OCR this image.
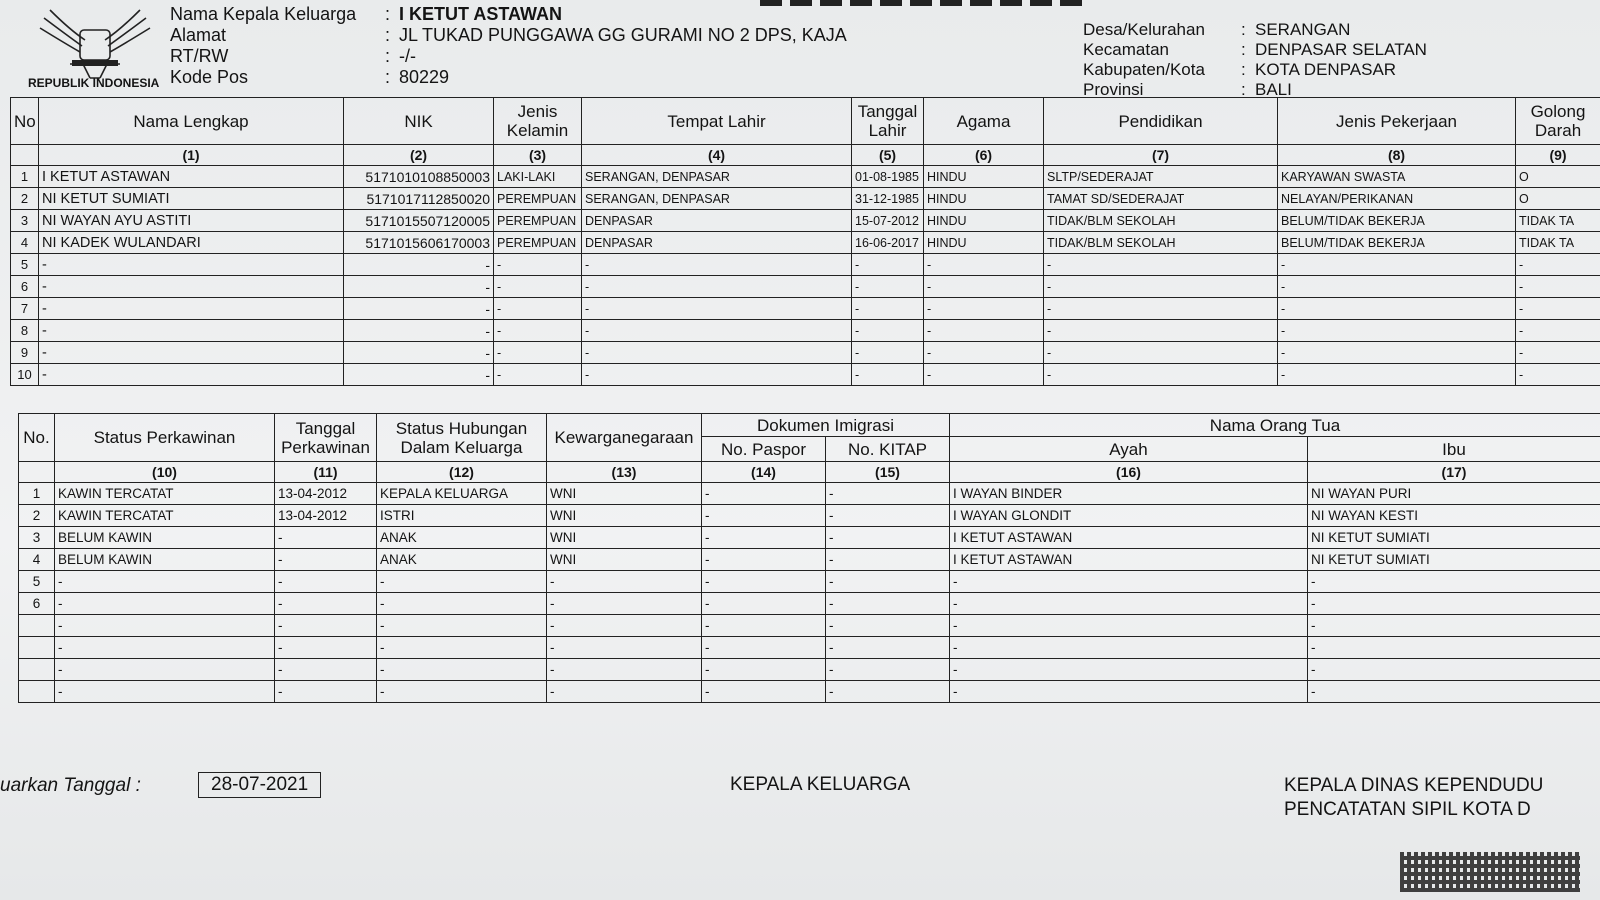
REPUBLIK INDONESIA
Nama Kepala Keluarga	: I KETUT ASTAWAN
Alamat	: JL TUKAD PUNGGAWA GG GURAMI NO 2 DPS, KAJA
RT/RW	: -/-
Kode Pos	: 80229
Desa/Kelurahan	: SERANGAN
Kecamatan	: DENPASAR SELATAN
Kabupaten/Kota	: KOTA DENPASAR
Provinsi	: BALI
No	Nama Lengkap	NIK	Jenis Kelamin	Tempat Lahir	Tanggal Lahir	Agama	Pendidikan	Jenis Pekerjaan	Golong Darah
	(1)	(2)	(3)	(4)	(5)	(6)	(7)	(8)	(9)
1	I KETUT ASTAWAN	5171010108850003	LAKI-LAKI	SERANGAN, DENPASAR	01-08-1985	HINDU	SLTP/SEDERAJAT	KARYAWAN SWASTA	O
2	NI KETUT SUMIATI	5171017112850020	PEREMPUAN	SERANGAN, DENPASAR	31-12-1985	HINDU	TAMAT SD/SEDERAJAT	NELAYAN/PERIKANAN	O
3	NI WAYAN AYU ASTITI	5171015507120005	PEREMPUAN	DENPASAR	15-07-2012	HINDU	TIDAK/BLM SEKOLAH	BELUM/TIDAK BEKERJA	TIDAK TA
4	NI KADEK WULANDARI	5171015606170003	PEREMPUAN	DENPASAR	16-06-2017	HINDU	TIDAK/BLM SEKOLAH	BELUM/TIDAK BEKERJA	TIDAK TA
5	-	-	-	-	-	-	-	-	-
6	-	-	-	-	-	-	-	-	-
7	-	-	-	-	-	-	-	-	-
8	-	-	-	-	-	-	-	-	-
9	-	-	-	-	-	-	-	-	-
10	-	-	-	-	-	-	-	-	-
No.	Status Perkawinan	Tanggal Perkawinan	Status Hubungan Dalam Keluarga	Kewarganegaraan	Dokumen Imigrasi		Nama Orang Tua	
					No. Paspor	No. KITAP	Ayah	Ibu
	(10)	(11)	(12)	(13)	(14)	(15)	(16)	(17)
1	KAWIN TERCATAT	13-04-2012	KEPALA KELUARGA	WNI	-	-	I WAYAN BINDER	NI WAYAN PURI
2	KAWIN TERCATAT	13-04-2012	ISTRI	WNI	-	-	I WAYAN GLONDIT	NI WAYAN KESTI
3	BELUM KAWIN	-	ANAK	WNI	-	-	I KETUT ASTAWAN	NI KETUT SUMIATI
4	BELUM KAWIN	-	ANAK	WNI	-	-	I KETUT ASTAWAN	NI KETUT SUMIATI
5	-	-	-	-	-	-	-	-
6	-	-	-	-	-	-	-	-
	-	-	-	-	-	-	-	-
	-	-	-	-	-	-	-	-
	-	-	-	-	-	-	-	-
	-	-	-	-	-	-	-	-
uarkan Tanggal :	28-07-2021	KEPALA KELUARGA	KEPALA DINAS KEPENDUDU
PENCATATAN SIPIL KOTA D
